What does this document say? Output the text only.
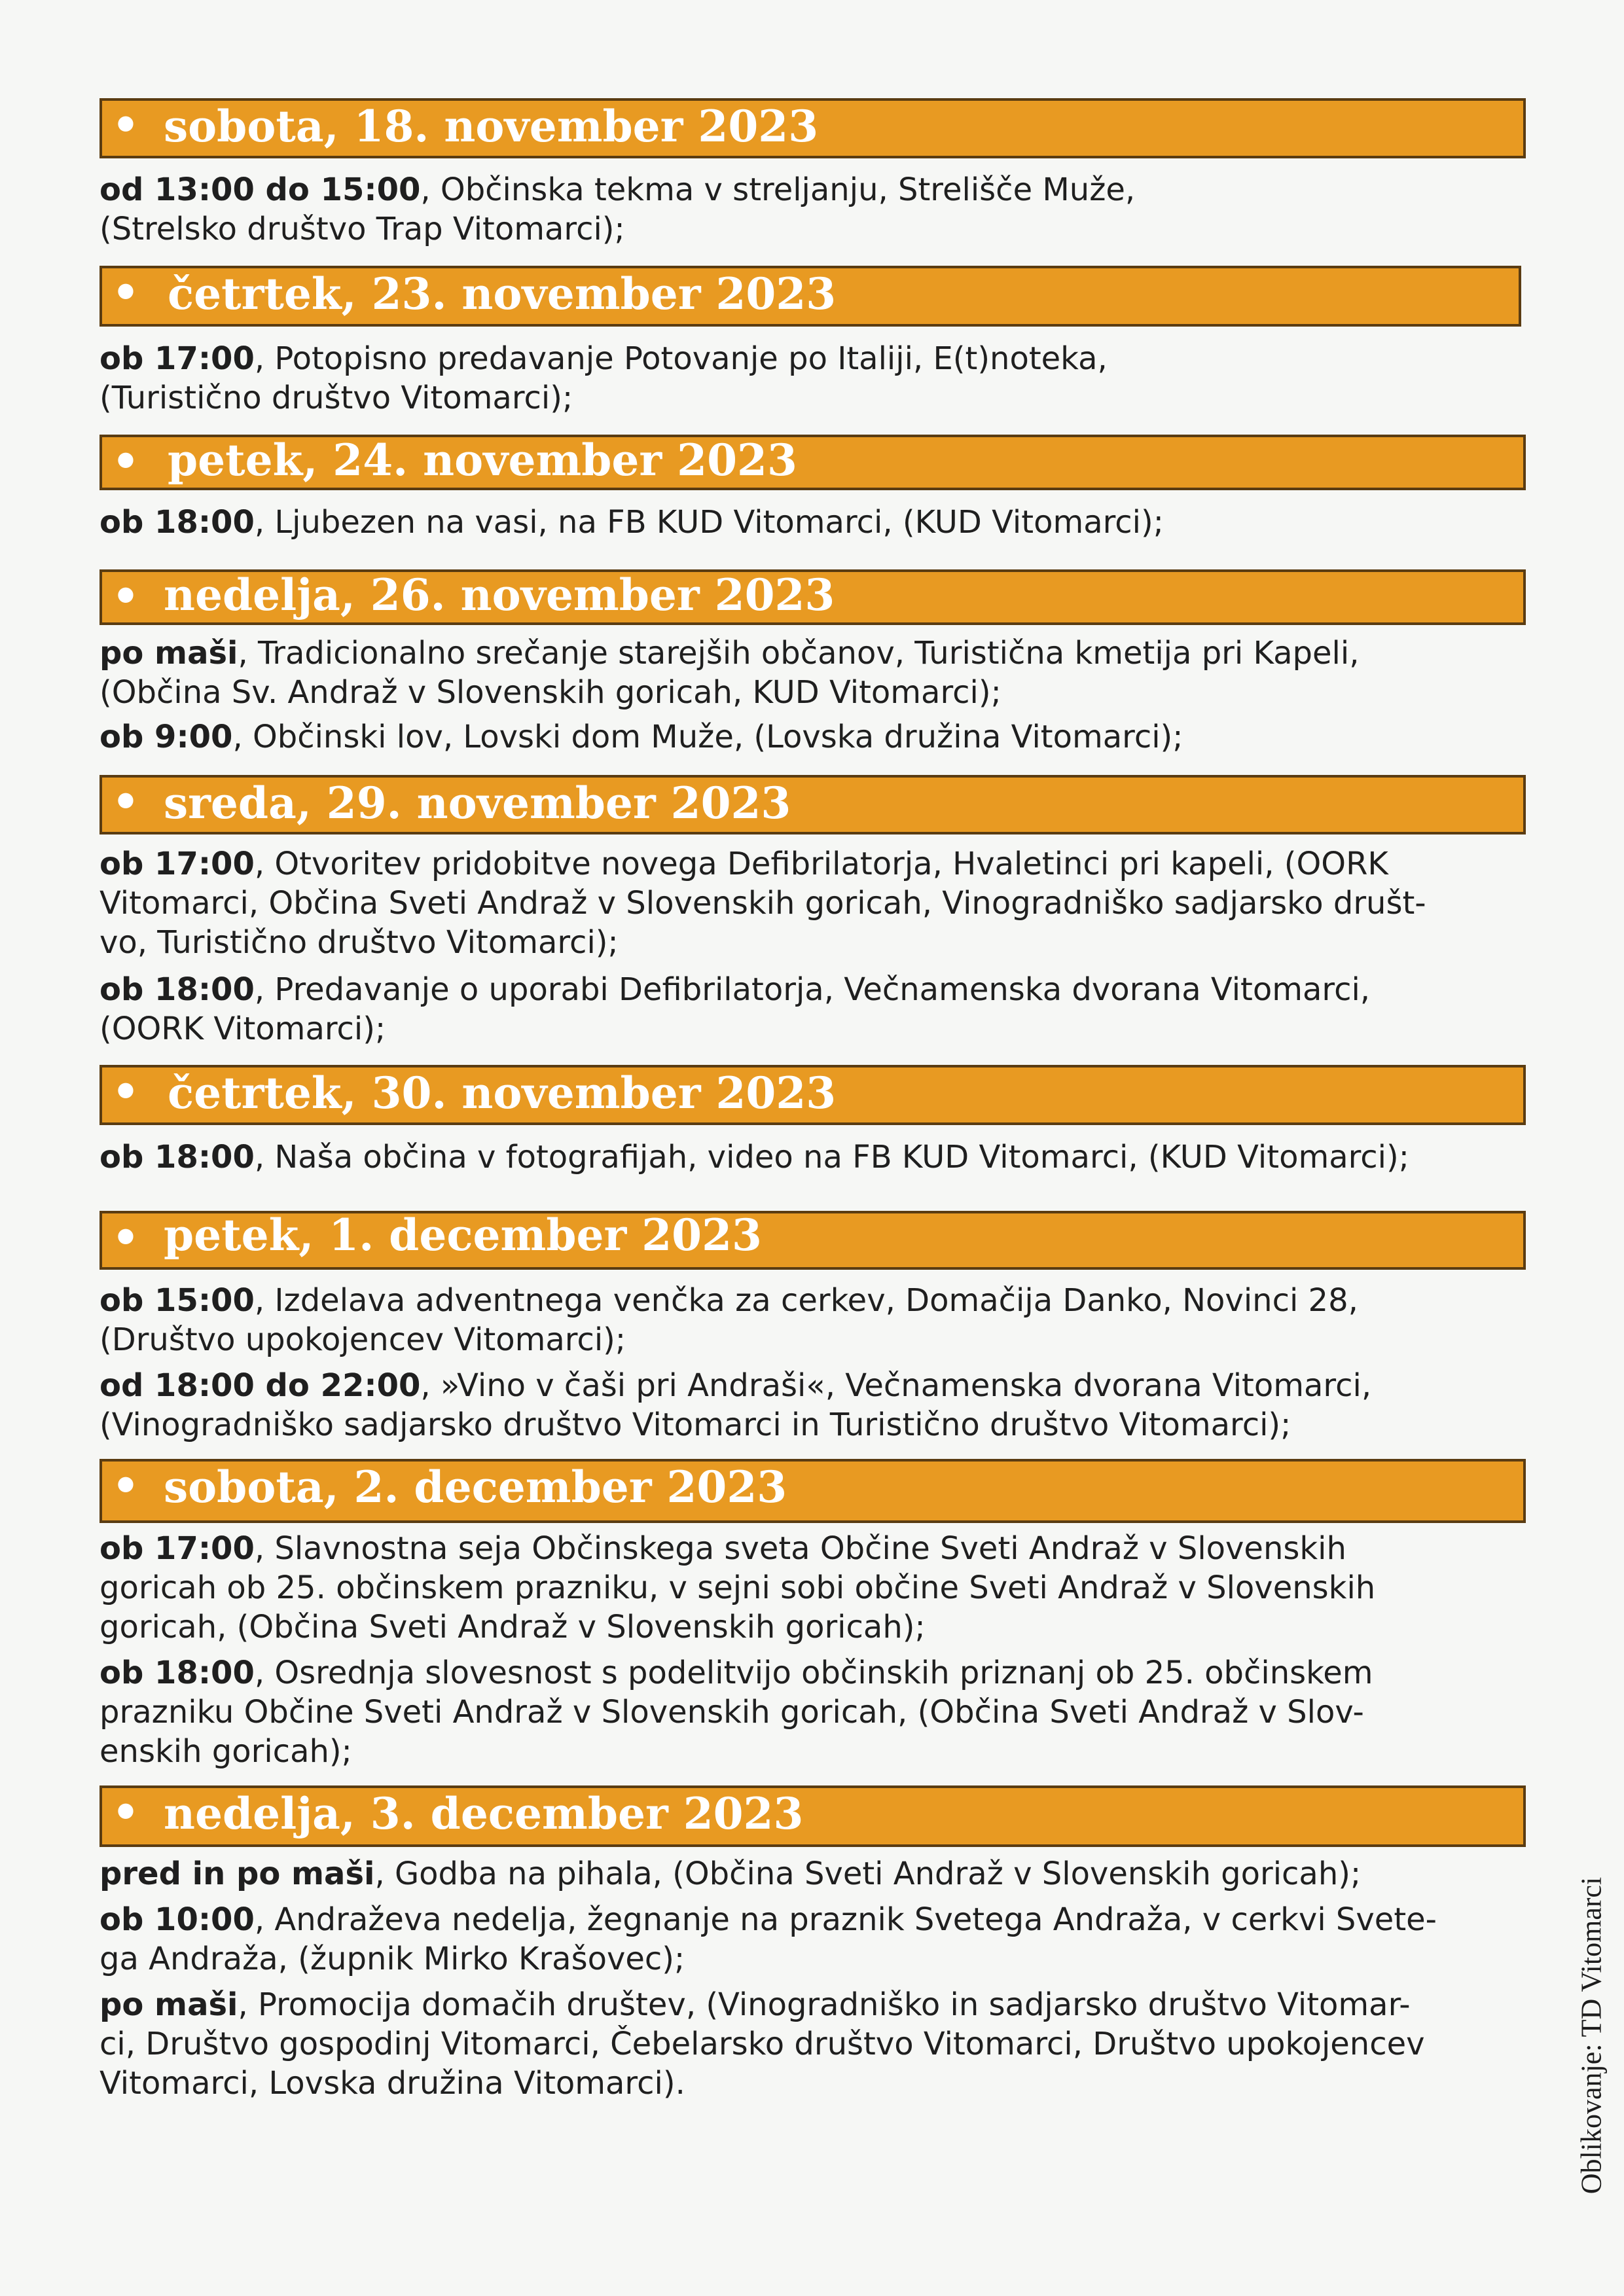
• sobota, 18. november 2023
od 13:00 do 15:00, Občinska tekma v streljanju, Strelišče Muže,
(Strelsko društvo Trap Vitomarci);
• četrtek, 23. november 2023
ob 17:00, Potopisno predavanje Potovanje po Italiji, E(t)noteka,
(Turistično društvo Vitomarci);
• petek, 24. november 2023
ob 18:00, Ljubezen na vasi, na FB KUD Vitomarci, (KUD Vitomarci);
• nedelja, 26. november 2023
po maši, Tradicionalno srečanje starejših občanov, Turistična kmetija pri Kapeli,
(Občina Sv. Andraž v Slovenskih goricah, KUD Vitomarci);
ob 9:00, Občinski lov, Lovski dom Muže, (Lovska družina Vitomarci);
• sreda, 29. november 2023
ob 17:00, Otvoritev pridobitve novega Defibrilatorja, Hvaletinci pri kapeli, (OORK
Vitomarci, Občina Sveti Andraž v Slovenskih goricah, Vinogradniško sadjarsko društ-
vo, Turistično društvo Vitomarci);
ob 18:00, Predavanje o uporabi Defibrilatorja, Večnamenska dvorana Vitomarci,
(OORK Vitomarci);
• četrtek, 30. november 2023
ob 18:00, Naša občina v fotografijah, video na FB KUD Vitomarci, (KUD Vitomarci);
• petek, 1. december 2023
ob 15:00, Izdelava adventnega venčka za cerkev, Domačija Danko, Novinci 28,
(Društvo upokojencev Vitomarci);
od 18:00 do 22:00, »Vino v čaši pri Andraši«, Večnamenska dvorana Vitomarci,
(Vinogradniško sadjarsko društvo Vitomarci in Turistično društvo Vitomarci);
• sobota, 2. december 2023
ob 17:00, Slavnostna seja Občinskega sveta Občine Sveti Andraž v Slovenskih
goricah ob 25. občinskem prazniku, v sejni sobi občine Sveti Andraž v Slovenskih
goricah, (Občina Sveti Andraž v Slovenskih goricah);
ob 18:00, Osrednja slovesnost s podelitvijo občinskih priznanj ob 25. občinskem
prazniku Občine Sveti Andraž v Slovenskih goricah, (Občina Sveti Andraž v Slov-
enskih goricah);
• nedelja, 3. december 2023
pred in po maši, Godba na pihala, (Občina Sveti Andraž v Slovenskih goricah);
ob 10:00, Andraževa nedelja, žegnanje na praznik Svetega Andraža, v cerkvi Svete-
ga Andraža, (župnik Mirko Krašovec);
po maši, Promocija domačih društev, (Vinogradniško in sadjarsko društvo Vitomar-
ci, Društvo gospodinj Vitomarci, Čebelarsko društvo Vitomarci, Društvo upokojencev
Vitomarci, Lovska družina Vitomarci).	Oblikovanje: TD Vitomarci
